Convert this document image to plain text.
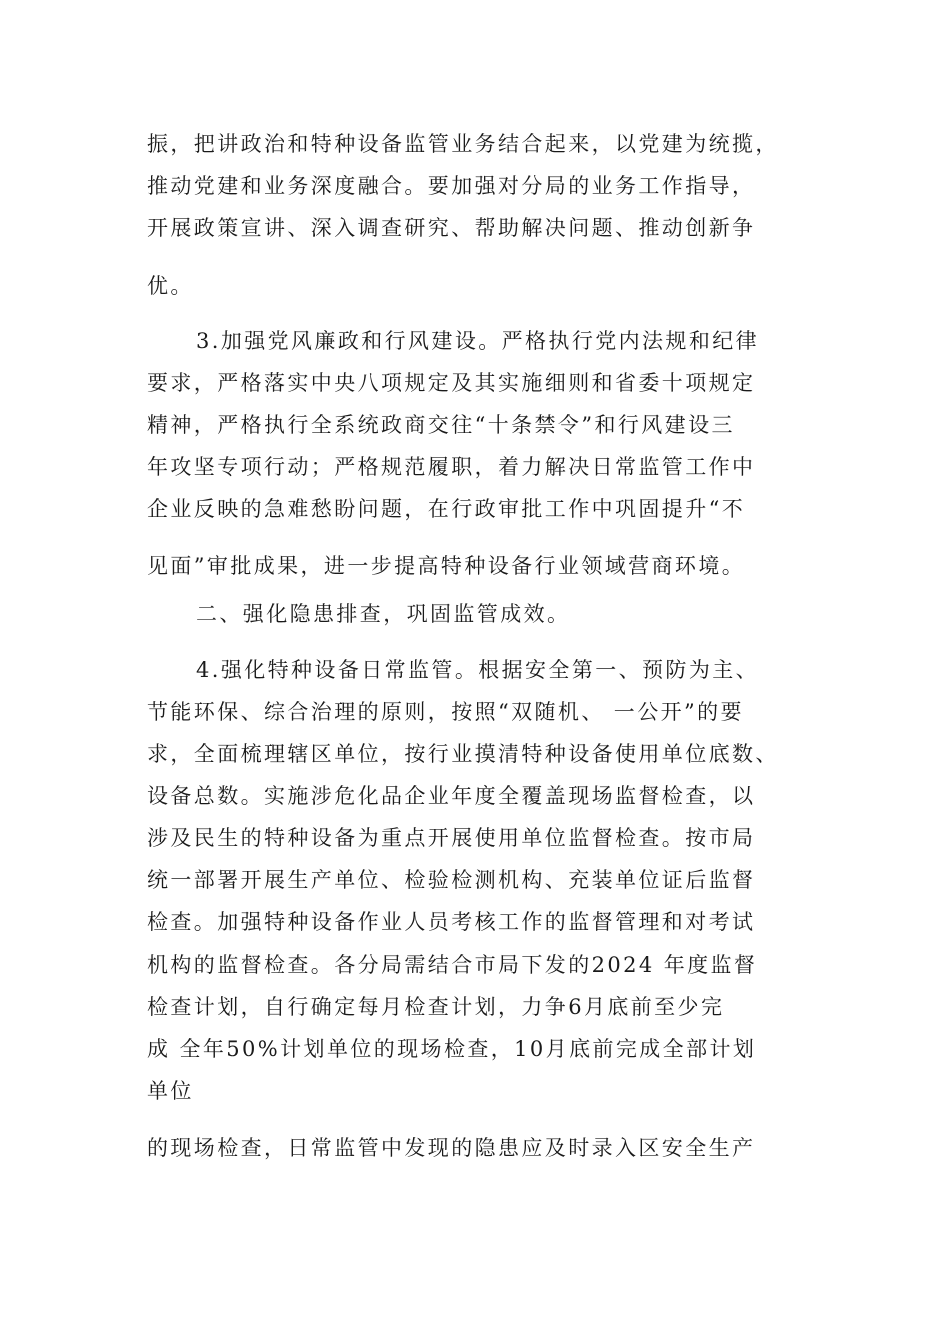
振，把讲政治和特种设备监管业务结合起来，以党建为统揽，

推动党建和业务深度融合。要加强对分局的业务工作指导，

开展政策宣讲、深入调查研究、帮助解决问题、推动创新争

优。

3.加强党风廉政和行风建设。严格执行党内法规和纪律

要求，严格落实中央八项规定及其实施细则和省委十项规定

精神，严格执行全系统政商交往“十条禁令”和行风建设三

年攻坚专项行动；严格规范履职，着力解决日常监管工作中

企业反映的急难愁盼问题，在行政审批工作中巩固提升“不

见面”审批成果，进一步提高特种设备行业领域营商环境。

二、强化隐患排查，巩固监管成效。

4.强化特种设备日常监管。根据安全第一、预防为主、

节能环保、综合治理的原则，按照“双随机、 一公开”的要

求，全面梳理辖区单位，按行业摸清特种设备使用单位底数、

设备总数。实施涉危化品企业年度全覆盖现场监督检查，以

涉及民生的特种设备为重点开展使用单位监督检查。按市局

统一部署开展生产单位、检验检测机构、充装单位证后监督

检查。加强特种设备作业人员考核工作的监督管理和对考试

机构的监督检查。各分局需结合市局下发的2024 年度监督

检查计划，自行确定每月检查计划，力争6月底前至少完

成 全年50%计划单位的现场检查，10月底前完成全部计划

单位

的现场检查，日常监管中发现的隐患应及时录入区安全生产
